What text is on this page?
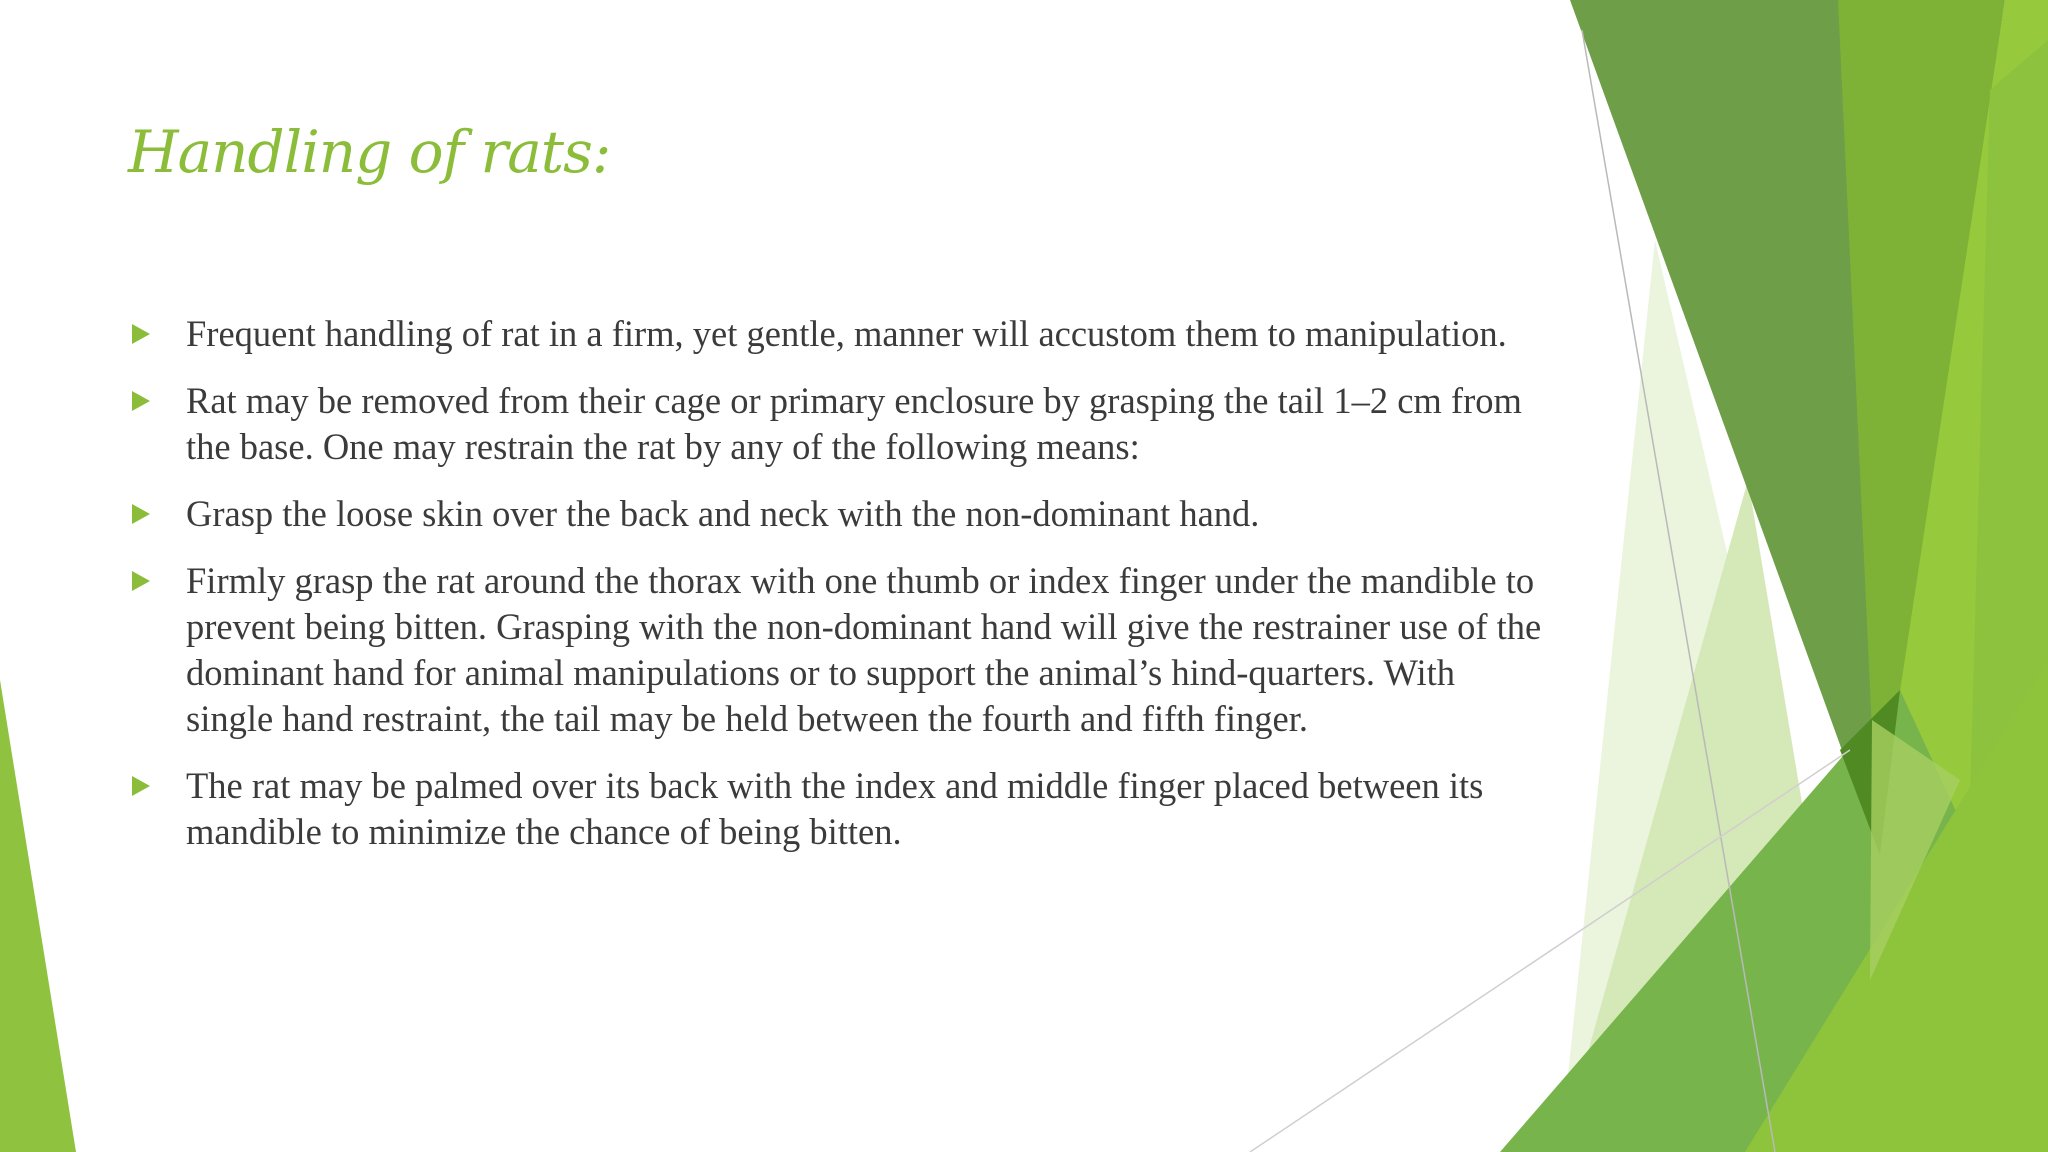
Handling of rats:
Frequent handling of rat in a firm, yet gentle, manner will accustom them to manipulation.
Rat may be removed from their cage or primary enclosure by grasping the tail 1–2 cm from the base. One may restrain the rat by any of the following means:
Grasp the loose skin over the back and neck with the non-dominant hand.
Firmly grasp the rat around the thorax with one thumb or index finger under the mandible to prevent being bitten. Grasping with the non-dominant hand will give the restrainer use of the dominant hand for animal manipulations or to support the animal’s hind-quarters. With single hand restraint, the tail may be held between the fourth and fifth finger.
The rat may be palmed over its back with the index and middle finger placed between its mandible to minimize the chance of being bitten.
